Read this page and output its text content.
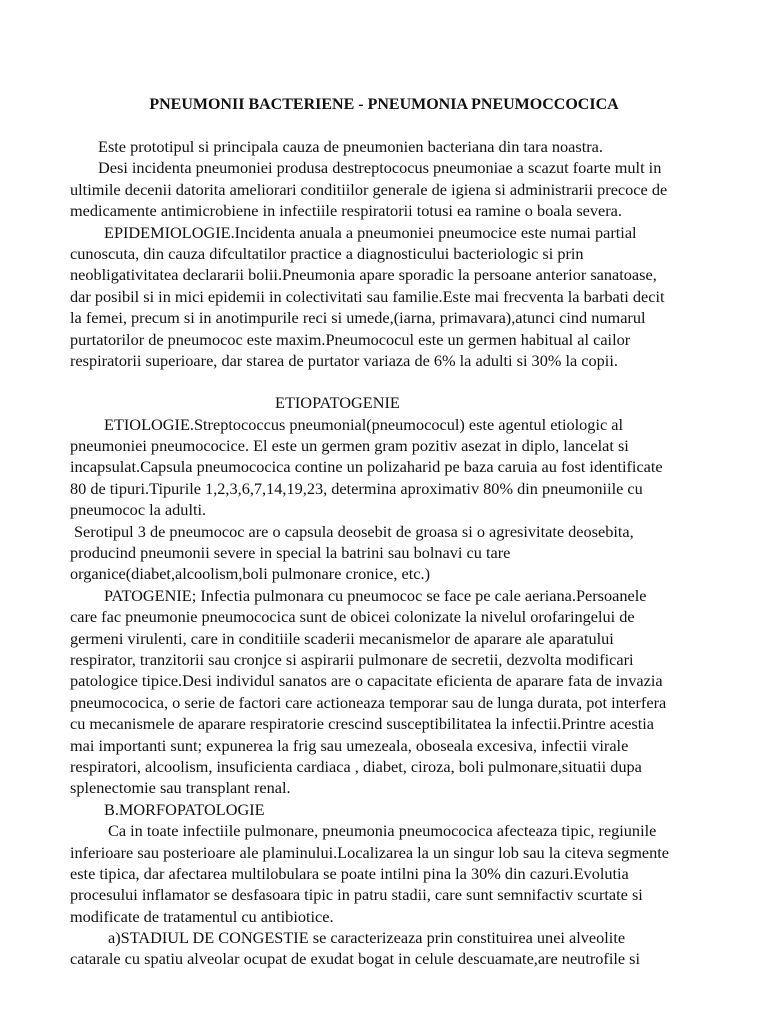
PNEUMONII BACTERIENE - PNEUMONIA PNEUMOCCOCICA
Este prototipul si principala cauza de pneumonien bacteriana din tara noastra.
Desi incidenta pneumoniei produsa destreptococus pneumoniae a scazut foarte mult in
ultimile decenii datorita ameliorari conditiilor generale de igiena si administrarii precoce de
medicamente antimicrobiene in infectiile respiratorii totusi ea ramine o boala severa.
EPIDEMIOLOGIE.Incidenta anuala a pneumoniei pneumocice este numai partial
cunoscuta, din cauza difcultatilor practice a diagnosticului bacteriologic si prin
neobligativitatea declararii bolii.Pneumonia apare sporadic la persoane anterior sanatoase,
dar posibil si in mici epidemii in colectivitati sau familie.Este mai frecventa la barbati decit
la femei, precum si in anotimpurile reci si umede,(iarna, primavara),atunci cind numarul
purtatorilor de pneumococ este maxim.Pneumococul este un germen habitual al cailor
respiratorii superioare, dar starea de purtator variaza de 6% la adulti si 30% la copii.
ETIOPATOGENIE
ETIOLOGIE.Streptococcus pneumonial(pneumococul) este agentul etiologic al
pneumoniei pneumococice. El este un germen gram pozitiv asezat in diplo, lancelat si
incapsulat.Capsula pneumococica contine un polizaharid pe baza caruia au fost identificate
80 de tipuri.Tipurile 1,2,3,6,7,14,19,23, determina aproximativ 80% din pneumoniile cu
pneumococ la adulti.
Serotipul 3 de pneumococ are o capsula deosebit de groasa si o agresivitate deosebita,
producind pneumonii severe in special la batrini sau bolnavi cu tare
organice(diabet,alcoolism,boli pulmonare cronice, etc.)
PATOGENIE; Infectia pulmonara cu pneumococ se face pe cale aeriana.Persoanele
care fac pneumonie pneumococica sunt de obicei colonizate la nivelul orofaringelui de
germeni virulenti, care in conditiile scaderii mecanismelor de aparare ale aparatului
respirator, tranzitorii sau cronjce si aspirarii pulmonare de secretii, dezvolta modificari
patologice tipice.Desi individul sanatos are o capacitate eficienta de aparare fata de invazia
pneumococica, o serie de factori care actioneaza temporar sau de lunga durata, pot interfera
cu mecanismele de aparare respiratorie crescind susceptibilitatea la infectii.Printre acestia
mai importanti sunt; expunerea la frig sau umezeala, oboseala excesiva, infectii virale
respiratori, alcoolism, insuficienta cardiaca , diabet, ciroza, boli pulmonare,situatii dupa
splenectomie sau transplant renal.
B.MORFOPATOLOGIE
Ca in toate infectiile pulmonare, pneumonia pneumococica afecteaza tipic, regiunile
inferioare sau posterioare ale plaminului.Localizarea la un singur lob sau la citeva segmente
este tipica, dar afectarea multilobulara se poate intilni pina la 30% din cazuri.Evolutia
procesului inflamator se desfasoara tipic in patru stadii, care sunt semnifactiv scurtate si
modificate de tratamentul cu antibiotice.
a)STADIUL DE CONGESTIE se caracterizeaza prin constituirea unei alveolite
catarale cu spatiu alveolar ocupat de exudat bogat in celule descuamate,are neutrofile si
